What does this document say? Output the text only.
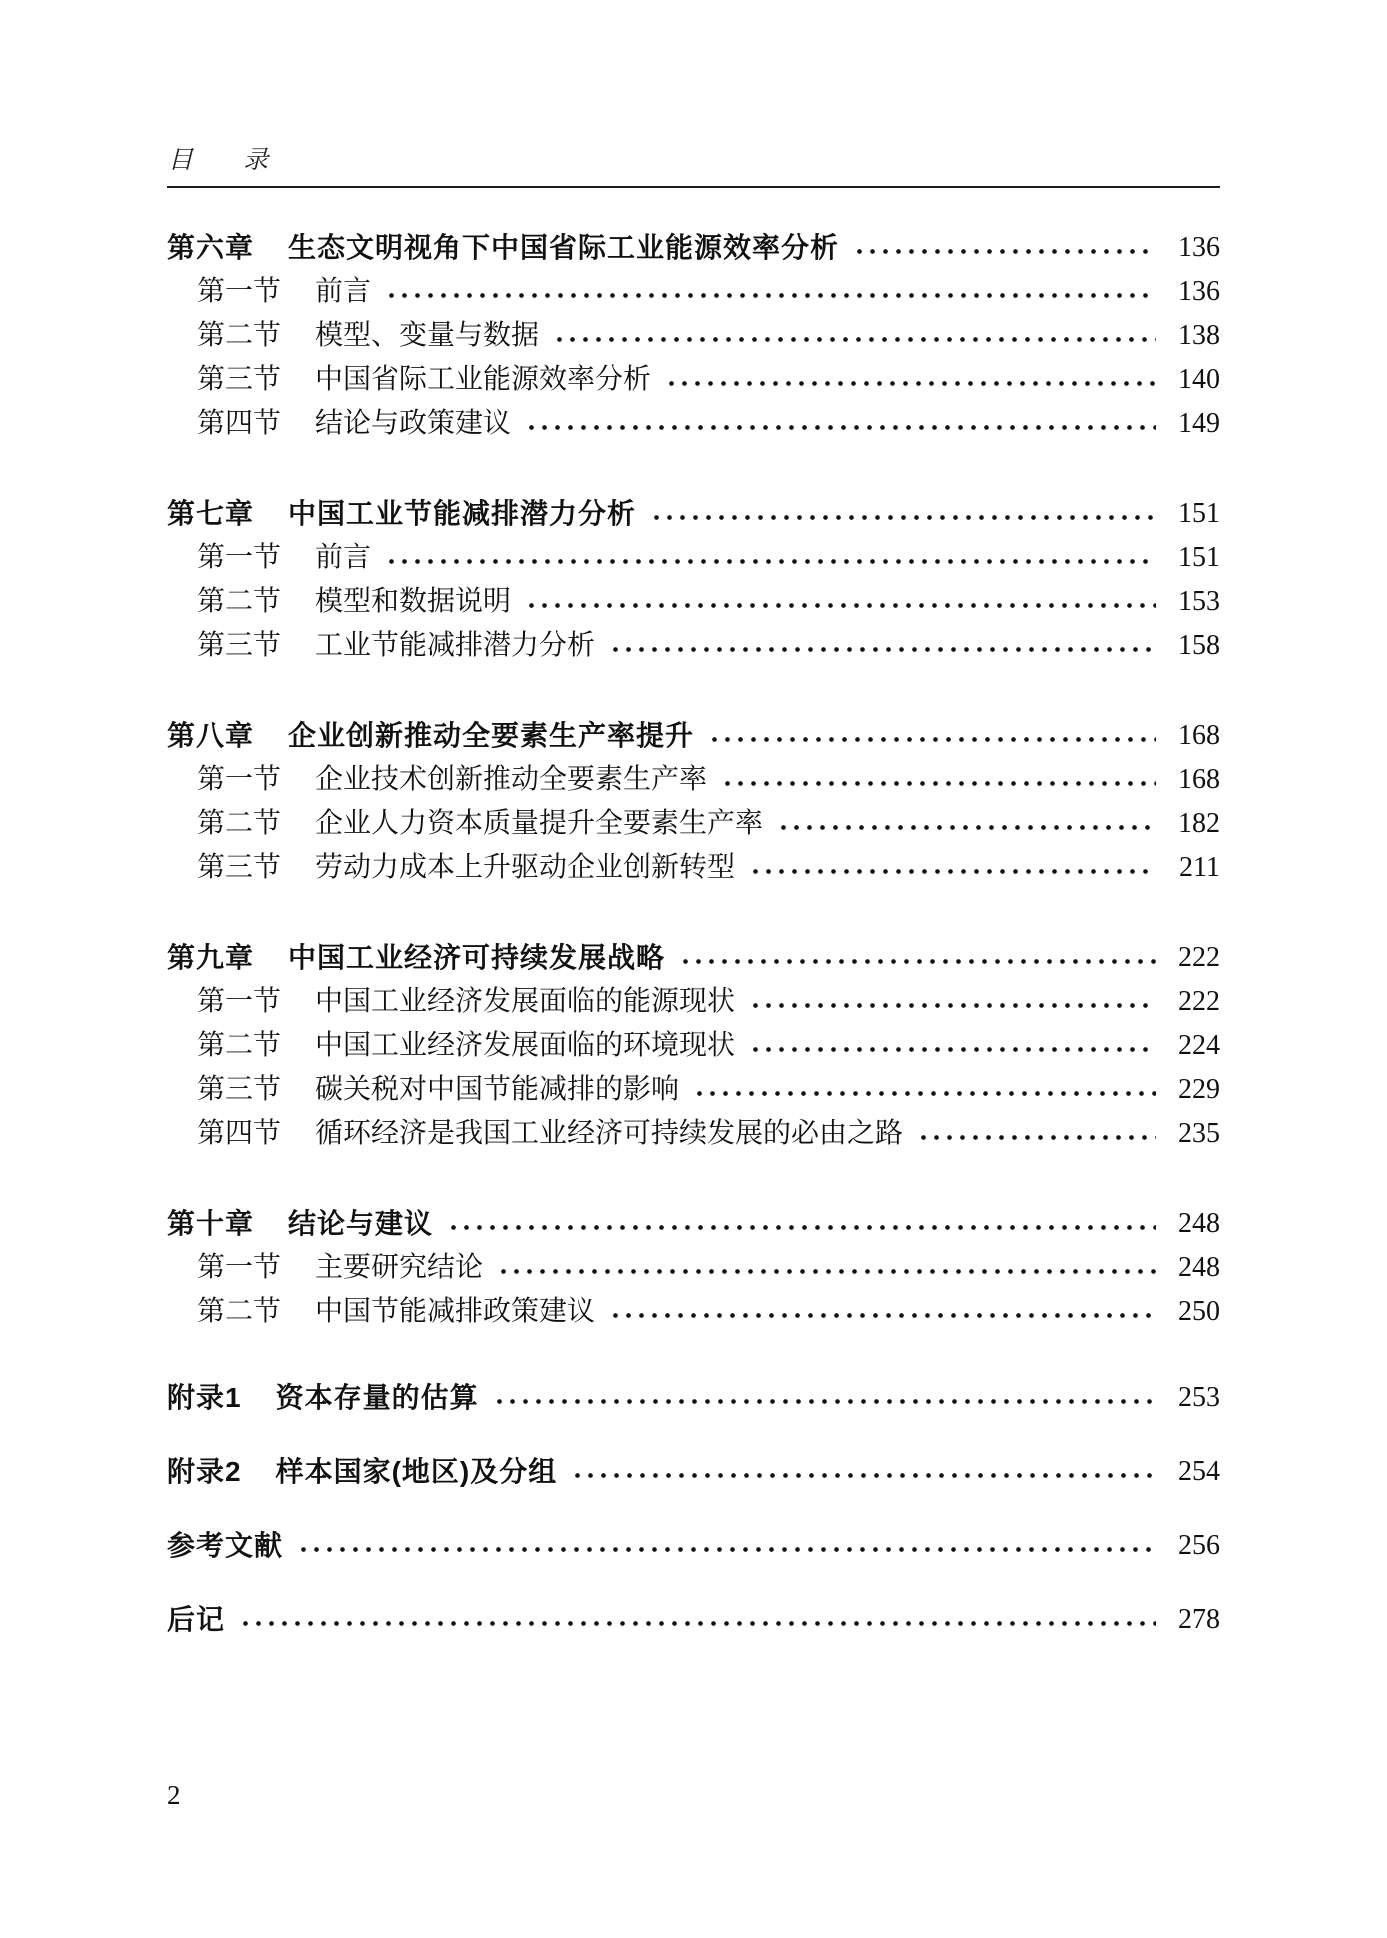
目 录
第六章 生态文明视角下中国省际工业能源效率分析	136
第一节 前言	136
第二节 模型、变量与数据	138
第三节 中国省际工业能源效率分析	140
第四节 结论与政策建议	149
第七章 中国工业节能减排潜力分析	151
第一节 前言	151
第二节 模型和数据说明	153
第三节 工业节能减排潜力分析	158
第八章 企业创新推动全要素生产率提升	168
第一节 企业技术创新推动全要素生产率	168
第二节 企业人力资本质量提升全要素生产率	182
第三节 劳动力成本上升驱动企业创新转型	211
第九章 中国工业经济可持续发展战略	222
第一节 中国工业经济发展面临的能源现状	222
第二节 中国工业经济发展面临的环境现状	224
第三节 碳关税对中国节能减排的影响	229
第四节 循环经济是我国工业经济可持续发展的必由之路	235
第十章 结论与建议	248
第一节 主要研究结论	248
第二节 中国节能减排政策建议	250
附录1 资本存量的估算	253
附录2 样本国家(地区)及分组	254
参考文献	256
后记	278
2
